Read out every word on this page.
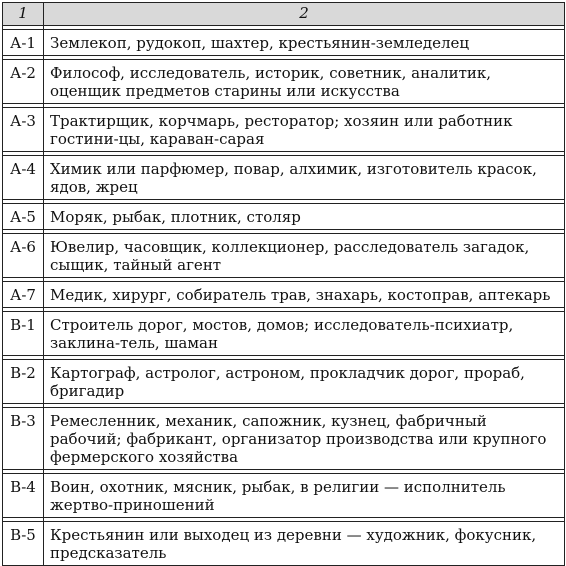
1	2

А-1	Землекоп, рудокоп, шахтер, крестьянин-земледелец

А-2	Философ, исследователь, историк, советник, аналитик, оценщик предметов старины или искусства

А-3	Трактирщик, корчмарь, ресторатор; хозяин или работник гостини-цы, караван-сарая

А-4	Химик или парфюмер, повар, алхимик, изготовитель красок, ядов, жрец

А-5	Моряк, рыбак, плотник, столяр

А-6	Ювелир, часовщик, коллекционер, расследователь загадок, сыщик, тайный агент

А-7	Медик, хирург, собиратель трав, знахарь, костоправ, аптекарь

В-1	Строитель дорог, мостов, домов; исследователь-психиатр, заклина-тель, шаман

В-2	Картограф, астролог, астроном, прокладчик дорог, прораб, бригадир

В-3	Ремесленник, механик, сапожник, кузнец, фабричный рабочий; фабрикант, организатор производства или крупного фермерского хозяйства

В-4	Воин, охотник, мясник, рыбак, в религии — исполнитель жертво-приношений

В-5	Крестьянин или выходец из деревни — художник, фокусник, предсказатель
